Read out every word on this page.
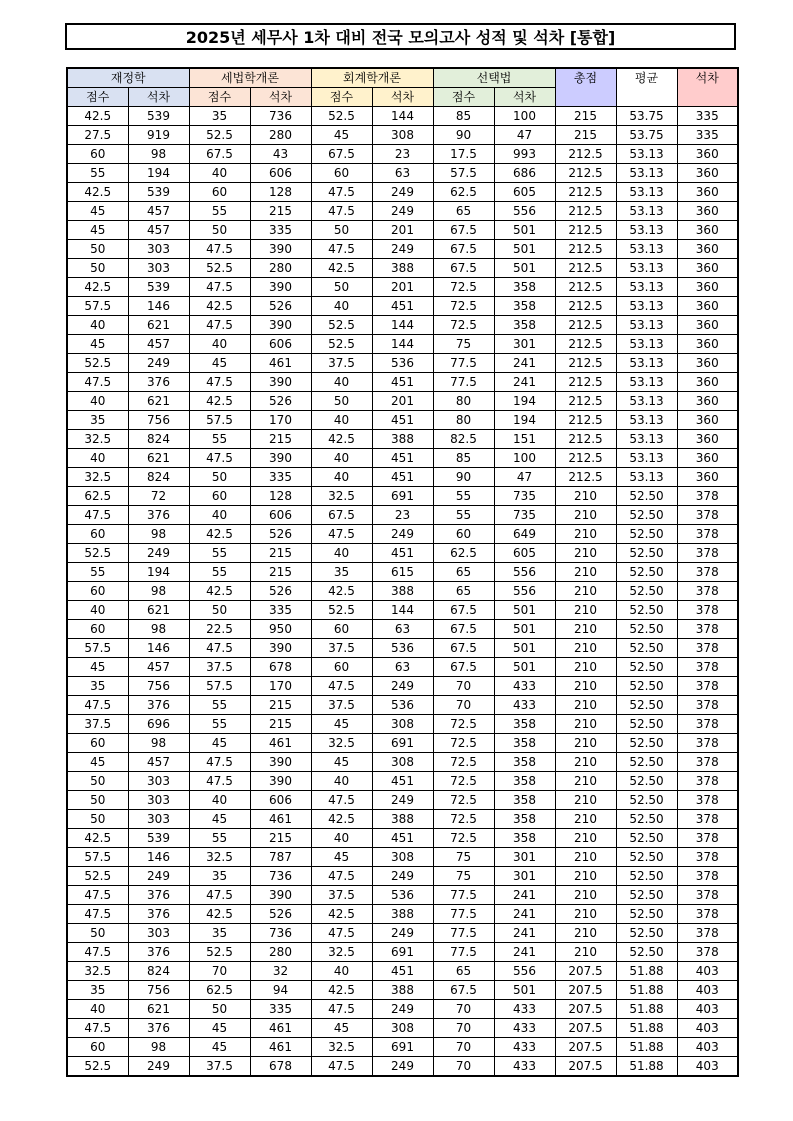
2025년 세무사 1차 대비 전국 모의고사 성적 및 석차 [통합]
재정학		세법학개론		회계학개론		선택법		총점	평균	석차
점수	석차	점수	석차	점수	석차	점수	석차			
42.5	539	35	736	52.5	144	85	100	215	53.75	335
27.5	919	52.5	280	45	308	90	47	215	53.75	335
60	98	67.5	43	67.5	23	17.5	993	212.5	53.13	360
55	194	40	606	60	63	57.5	686	212.5	53.13	360
42.5	539	60	128	47.5	249	62.5	605	212.5	53.13	360
45	457	55	215	47.5	249	65	556	212.5	53.13	360
45	457	50	335	50	201	67.5	501	212.5	53.13	360
50	303	47.5	390	47.5	249	67.5	501	212.5	53.13	360
50	303	52.5	280	42.5	388	67.5	501	212.5	53.13	360
42.5	539	47.5	390	50	201	72.5	358	212.5	53.13	360
57.5	146	42.5	526	40	451	72.5	358	212.5	53.13	360
40	621	47.5	390	52.5	144	72.5	358	212.5	53.13	360
45	457	40	606	52.5	144	75	301	212.5	53.13	360
52.5	249	45	461	37.5	536	77.5	241	212.5	53.13	360
47.5	376	47.5	390	40	451	77.5	241	212.5	53.13	360
40	621	42.5	526	50	201	80	194	212.5	53.13	360
35	756	57.5	170	40	451	80	194	212.5	53.13	360
32.5	824	55	215	42.5	388	82.5	151	212.5	53.13	360
40	621	47.5	390	40	451	85	100	212.5	53.13	360
32.5	824	50	335	40	451	90	47	212.5	53.13	360
62.5	72	60	128	32.5	691	55	735	210	52.50	378
47.5	376	40	606	67.5	23	55	735	210	52.50	378
60	98	42.5	526	47.5	249	60	649	210	52.50	378
52.5	249	55	215	40	451	62.5	605	210	52.50	378
55	194	55	215	35	615	65	556	210	52.50	378
60	98	42.5	526	42.5	388	65	556	210	52.50	378
40	621	50	335	52.5	144	67.5	501	210	52.50	378
60	98	22.5	950	60	63	67.5	501	210	52.50	378
57.5	146	47.5	390	37.5	536	67.5	501	210	52.50	378
45	457	37.5	678	60	63	67.5	501	210	52.50	378
35	756	57.5	170	47.5	249	70	433	210	52.50	378
47.5	376	55	215	37.5	536	70	433	210	52.50	378
37.5	696	55	215	45	308	72.5	358	210	52.50	378
60	98	45	461	32.5	691	72.5	358	210	52.50	378
45	457	47.5	390	45	308	72.5	358	210	52.50	378
50	303	47.5	390	40	451	72.5	358	210	52.50	378
50	303	40	606	47.5	249	72.5	358	210	52.50	378
50	303	45	461	42.5	388	72.5	358	210	52.50	378
42.5	539	55	215	40	451	72.5	358	210	52.50	378
57.5	146	32.5	787	45	308	75	301	210	52.50	378
52.5	249	35	736	47.5	249	75	301	210	52.50	378
47.5	376	47.5	390	37.5	536	77.5	241	210	52.50	378
47.5	376	42.5	526	42.5	388	77.5	241	210	52.50	378
50	303	35	736	47.5	249	77.5	241	210	52.50	378
47.5	376	52.5	280	32.5	691	77.5	241	210	52.50	378
32.5	824	70	32	40	451	65	556	207.5	51.88	403
35	756	62.5	94	42.5	388	67.5	501	207.5	51.88	403
40	621	50	335	47.5	249	70	433	207.5	51.88	403
47.5	376	45	461	45	308	70	433	207.5	51.88	403
60	98	45	461	32.5	691	70	433	207.5	51.88	403
52.5	249	37.5	678	47.5	249	70	433	207.5	51.88	403
